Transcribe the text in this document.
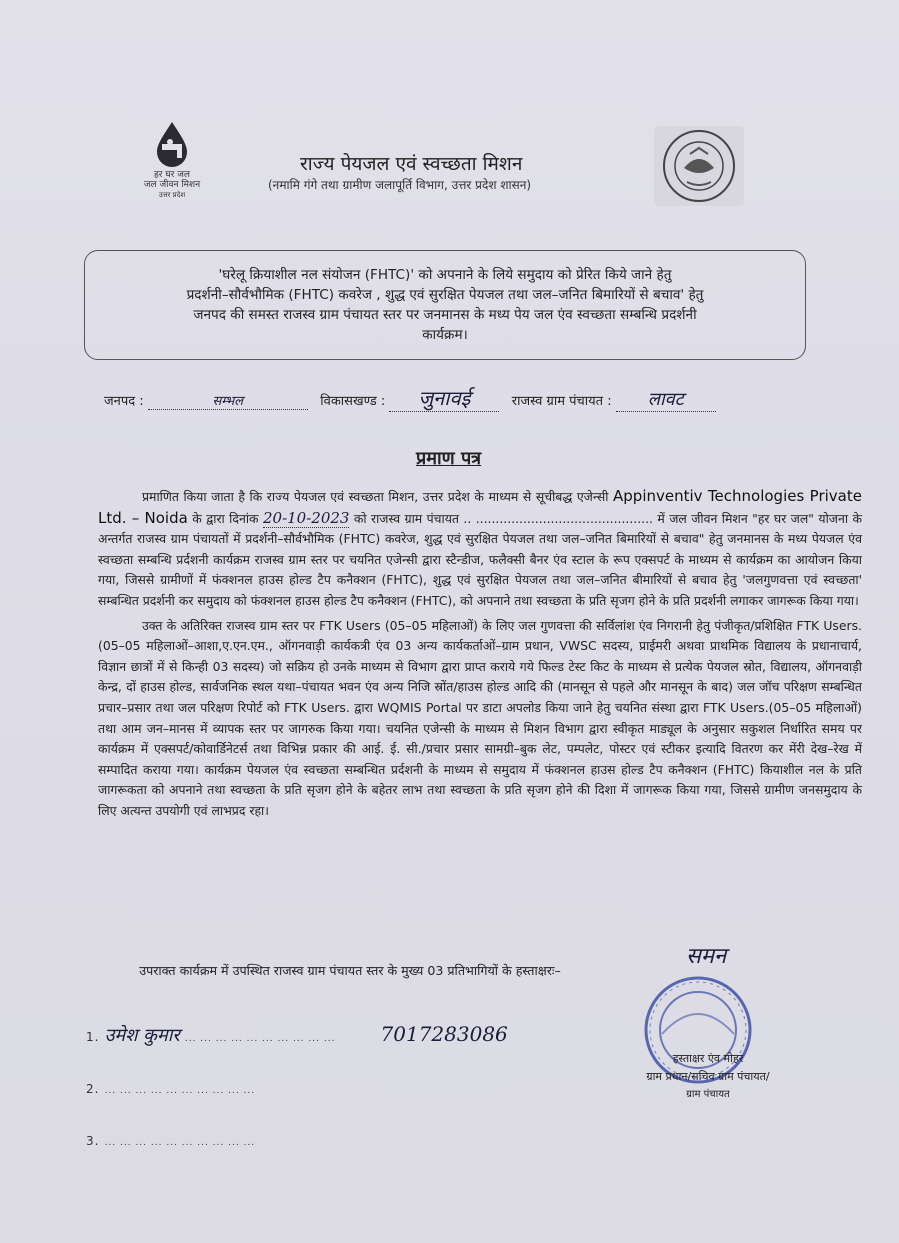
हर घर जल
जल जीवन मिशन
उत्तर प्रदेश
राज्य पेयजल एवं स्वच्छता मिशन
(नमामि गंगे तथा ग्रामीण जलापूर्ति विभाग, उत्तर प्रदेश शासन)
'घरेलू क्रियाशील नल संयोजन (FHTC)' को अपनाने के लिये समुदाय को प्रेरित किये जाने हेतु
प्रदर्शनी–सौर्वभौमिक (FHTC) कवरेज , शुद्ध एवं सुरक्षित पेयजल तथा जल–जनित बिमारियों से बचाव' हेतु
जनपद की समस्त राजस्व ग्राम पंचायत स्तर पर जनमानस के मध्य पेय जल एंव स्वच्छता सम्बन्धि प्रदर्शनी
कार्यक्रम।
जनपद :	सम्भल	विकासखण्ड : जुनावई	राजस्व ग्राम पंचायत : लावट
प्रमाण पत्र

प्रमाणित किया जाता है कि राज्य पेयजल एवं स्वच्छता मिशन, उत्तर प्रदेश के माध्यम से सूचीबद्ध एजेन्सी Appinventiv Technologies Private Ltd. – Noida के द्वारा दिनांक 20-10-2023 को राजस्व ग्राम पंचायत .. ............................................. में जल जीवन मिशन "हर घर जल" योजना के अन्तर्गत राजस्व ग्राम पंचायतों में प्रदर्शनी–सौर्वभौमिक (FHTC) कवरेज, शुद्ध एवं सुरक्षित पेयजल तथा जल–जनित बिमारियों से बचाव" हेतु जनमानस के मध्य पेयजल एंव स्वच्छता सम्बन्धि प्रर्दशनी कार्यक्रम राजस्व ग्राम स्तर पर चयनित एजेन्सी द्वारा स्टैन्डीज, फलैक्सी बैनर एंव स्टाल के रूप एक्सपर्ट के माध्यम से कार्यक्रम का आयोजन किया गया, जिससे ग्रामीणों में फंक्शनल हाउस होल्ड टैप कनैक्शन (FHTC), शुद्ध एवं सुरक्षित पेयजल तथा जल–जनित बीमारियों से बचाव हेतु 'जलगुणवत्ता एवं स्वच्छता' सम्बन्धित प्रदर्शनी कर समुदाय को फंक्शनल हाउस होल्ड टैप कनैक्शन (FHTC), को अपनाने तथा स्वच्छता के प्रति सृजग होने के प्रति प्रदर्शनी लगाकर जागरूक किया गया।

उक्त के अतिरिक्त राजस्व ग्राम स्तर पर FTK Users (05–05 महिलाओं) के लिए जल गुणवत्ता की सर्विलांश एंव निगरानी हेतु पंजीकृत/प्रशिक्षित FTK Users.(05–05 महिलाओं–आशा,ए.एन.एम., ऑगनवाड़ी कार्यकत्री एंव 03 अन्य कार्यकर्ताओं–ग्राम प्रधान, VWSC सदस्य, प्राईमरी अथवा प्राथमिक विद्यालय के प्रधानाचार्य, विज्ञान छात्रों में से किन्ही 03 सदस्य) जो सक्रिय हो उनके माध्यम से विभाग द्वारा प्राप्त कराये गये फिल्ड टेस्ट किट के माध्यम से प्रत्येक पेयजल स्रोत, विद्यालय, ऑगनवाड़ी केन्द्र, दों हाउस होल्ड, सार्वजनिक स्थल यथा–पंचायत भवन एंव अन्य निजि स्रोंत/हाउस होल्ड आदि की (मानसून से पहले और मानसून के बाद) जल जॉच परिक्षण सम्बन्धित प्रचार–प्रसार तथा जल परिक्षण रिपोर्ट को FTK Users. द्वारा WQMIS Portal पर डाटा अपलोड किया जाने हेतु चयनित संस्था द्वारा FTK Users.(05–05 महिलाओं) तथा आम जन–मानस में व्यापक स्तर पर जागरुक किया गया। चयनित एजेन्सी के माध्यम से मिशन विभाग द्वारा स्वीकृत माड्यूल के अनुसार सकुशल निर्धारित समय पर कार्यक्रम में एक्सपर्ट/कोवार्डिनेटर्स तथा विभिन्न प्रकार की आई. ई. सी./प्रचार प्रसार सामग्री–बुक लेट, पम्पलेट, पोस्टर एवं स्टीकर इत्यादि वितरण कर मेंरी देख–रेख में सम्पादित कराया गया। कार्यक्रम पेयजल एंव स्वच्छता सम्बन्धित प्रर्दशनी के माध्यम से समुदाय में फंक्शनल हाउस होल्ड टैप कनैक्शन (FHTC) कियाशील नल के प्रति जागरूकता को अपनाने तथा स्वच्छता के प्रति सृजग होने के बहेतर लाभ तथा स्वच्छता के प्रति सृजग होने की दिशा में जागरूक किया गया, जिससे ग्रामीण जनसमुदाय के लिए अत्यन्त उपयोगी एवं लाभप्रद रहा।

उपराक्त कार्यक्रम में उपस्थित राजस्व ग्राम पंचायत स्तर के मुख्य 03 प्रतिभागियों के हस्ताक्षरः–
1. उमेश कुमार ... ... ... ... ... ... ... ... ... ... 7017283086
2. ... ... ... ... ... ... ... ... ... ...
3. ... ... ... ... ... ... ... ... ... ...
समन
हस्ताक्षर एंव मोहर
ग्राम प्रधान/सचिव ग्राम पंचायत/
ग्राम पंचायत
